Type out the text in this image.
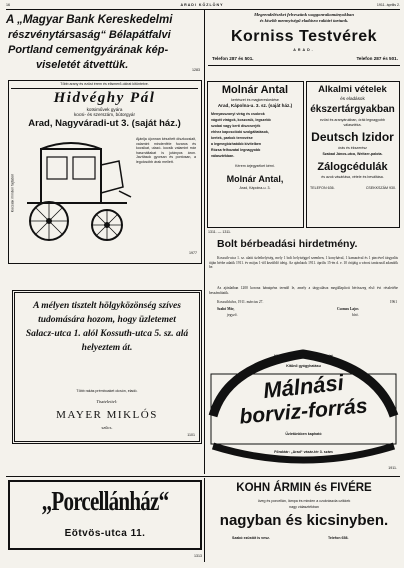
16	ARADI KÖZLÖNY	1911. április 2.
A „Magyar Bank Kereskedelmi
részvénytársaság“ Bélapátfalvi
Portland cementgyárának kép-
viseletét átvettük.	1283
Megrendeléseket felveszünk waggonrakományokban
és kisebb mennyiségű eladásra raktári tartunk.
Korniss Testvérek
ARAD.
Telefon 287 és 501.	Telefon 287 és 501.
Több arany és ezüst érem és elismerő-okirat kitüntetve.
Hidvéghy Pál
kotsiművek gyára
kocsi- és szerszám, bútorgyár
Arad, Nagyváradi-ut 3. (saját ház.)
Ajánlja újonnan készített díszkocsiait, valamint mindenféle fuvaros és kocsikat, utazó- kocsik valamint már használtakat is jutányos áron. Javítások gyorsan és pontosan, a legolcsóbb árak mellett.
1977
Kocsiak minden fajtából
Molnár Antal
kertészet és magkereskedése
Arad, Kápolna-u. 3. sz. (saját ház.)
Menyasszonyi virág és csokrok
vágott virágok, koszorúk, legszebb
szobai vagy kerti díszcserjék
ehhez kapcsolódó szolgáltatások,
kertek, parkok tervezése
a legmegbízhatóbb kivitelben
Rózsa felhozatal legnagyobb
választékban.
Kérem árjegyzéket kérni.
Molnár Antal,
Arad, Kápolna-u. 3.
1311. — 1311.
Alkalmi vételek
és eladások
ékszertárgyakban
ezüst és aranyárukban, órák legnagyobb
választéka.
Deutsch Izidor
órás és ékszerész
Szabad János-utca, Weitzer-palota.
Zálogcédulák
és azok vásárlása, vétele és beváltása.
TELEFON 636.	CSEKKSZÁM 930.
Bolt bérbeadási hirdetmény.
Kossuth-utca 1. sz. alatti üzlethelyiség, mely 1 bolt helyiséggel szemben, 1 konyhával, 1 kamarával és 1 pincével tárgyalás útján bérbe adatik 1911. év május 1-től kezdődő ideig. Az ajánlatok 1911. április 15-én d. e. 10 órájáig a városi tanácsnál adandók be.
Az ajánlatban 1200 korona bánatpénz teendő le, amely a tárgyalásra megállapított bérösszeg első évi részletébe beszámíttatik.
Kossuthfalva, 1911. március 27.	1961
Szabó Mór,
jegyző.
Csomos Lajos
bíró.
A mélyen tisztelt hölgyközönség szíves tudomására hozom, hogy üzletemet Salacz-utca 1. alól Kossuth-utca 5. sz. alá helyeztem át.
Több rakás prémboaket olcsón, eladó.
Tisztelettel:
MAYER MIKLÓS
szűcs.
1101
Királyi Kincstári Forrásvizi vállalat
Kitűnő gyógyhatásu
Málnási
borviz-forrás
Üzletünkben kapható
Főraktár: „Arad“ vásár-tér 3. szám
és Kereskedelmi Fűszereseknél.
1911.
„Porcellánház“
Eötvös-utca 11.
1313
KOHN ÁRMIN és FIVÉRE
üveg és porcellán, lámpa és minden a czukrászda czikkek
nagy választékban
nagyban és kicsinyben.
Szabó ezüstöt is vesz.	Telefon 658.
